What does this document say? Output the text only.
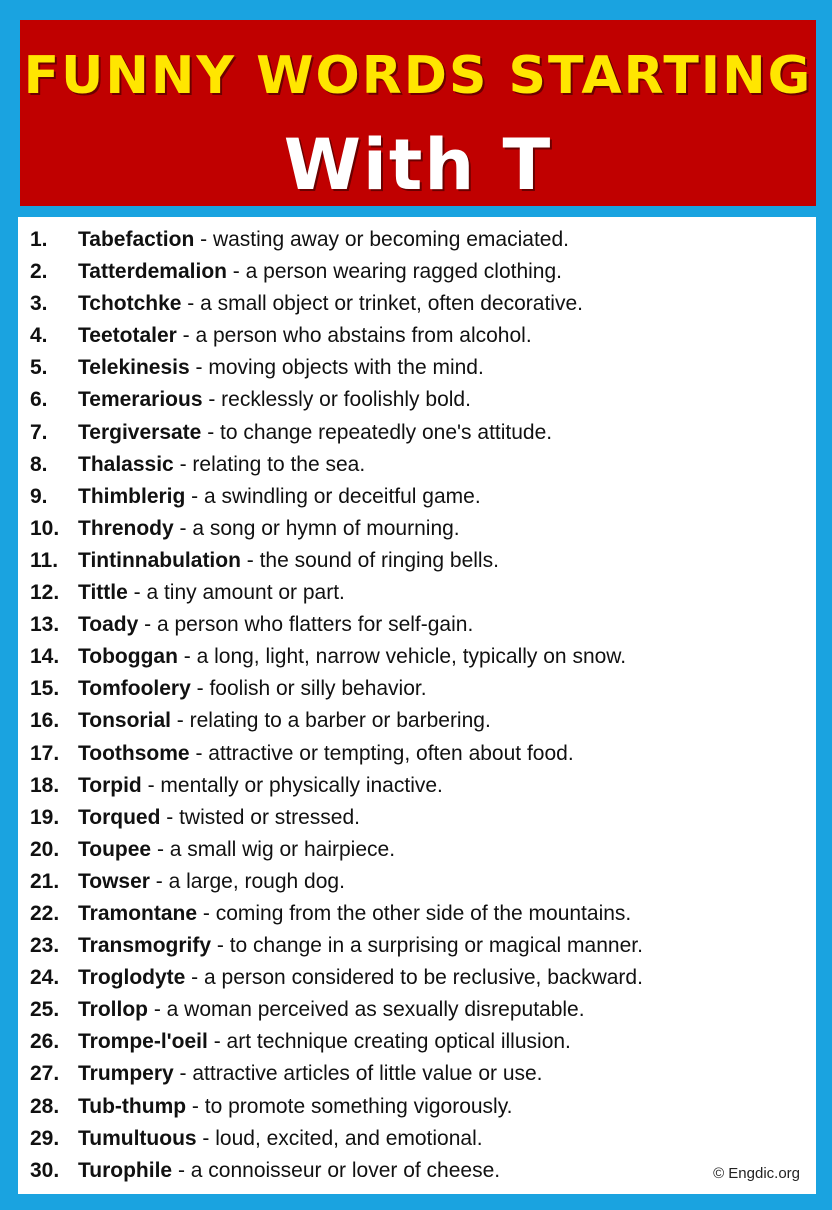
FUNNY WORDS STARTING
With T
1. Tabefaction - wasting away or becoming emaciated.
2. Tatterdemalion - a person wearing ragged clothing.
3. Tchotchke - a small object or trinket, often decorative.
4. Teetotaler - a person who abstains from alcohol.
5. Telekinesis - moving objects with the mind.
6. Temerarious - recklessly or foolishly bold.
7. Tergiversate - to change repeatedly one's attitude.
8. Thalassic - relating to the sea.
9. Thimblerig - a swindling or deceitful game.
10. Threnody - a song or hymn of mourning.
11. Tintinnabulation - the sound of ringing bells.
12. Tittle - a tiny amount or part.
13. Toady - a person who flatters for self-gain.
14. Toboggan - a long, light, narrow vehicle, typically on snow.
15. Tomfoolery - foolish or silly behavior.
16. Tonsorial - relating to a barber or barbering.
17. Toothsome - attractive or tempting, often about food.
18. Torpid - mentally or physically inactive.
19. Torqued - twisted or stressed.
20. Toupee - a small wig or hairpiece.
21. Towser - a large, rough dog.
22. Tramontane - coming from the other side of the mountains.
23. Transmogrify - to change in a surprising or magical manner.
24. Troglodyte - a person considered to be reclusive, backward.
25. Trollop - a woman perceived as sexually disreputable.
26. Trompe-l'oeil - art technique creating optical illusion.
27. Trumpery - attractive articles of little value or use.
28. Tub-thump - to promote something vigorously.
29. Tumultuous - loud, excited, and emotional.
30. Turophile - a connoisseur or lover of cheese.	© Engdic.org
